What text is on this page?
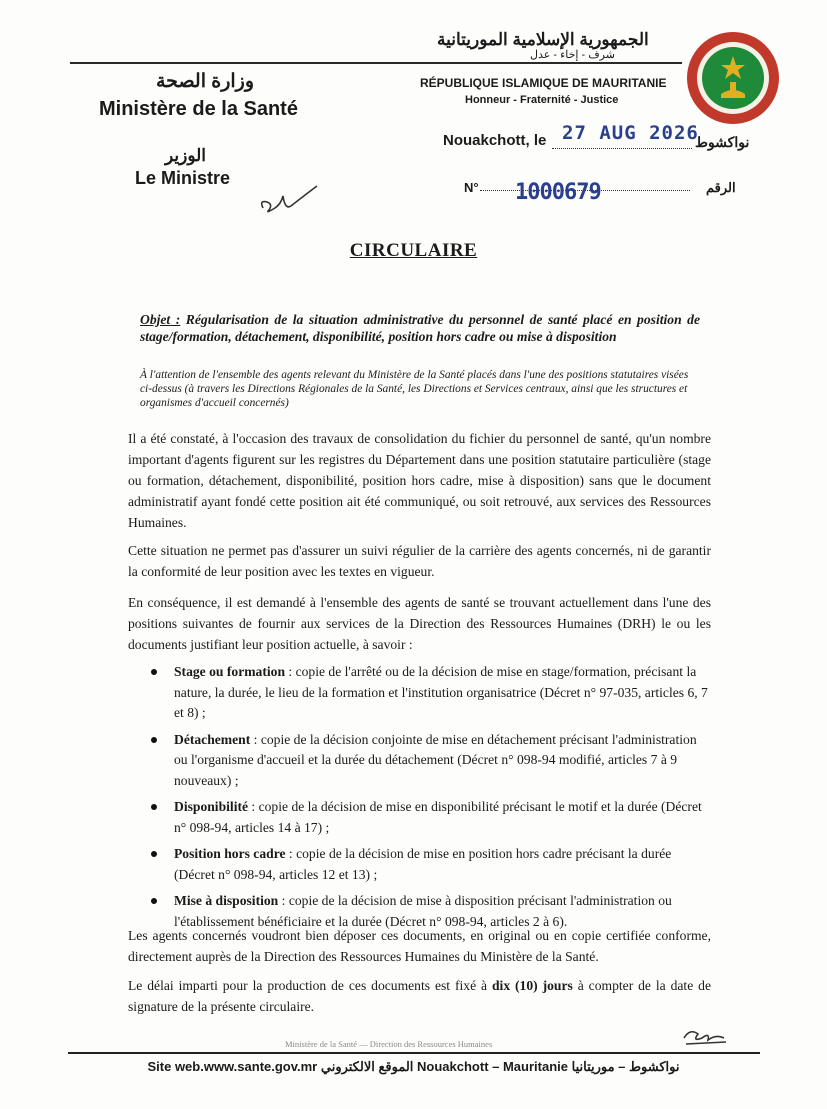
الجمهورية الإسلامية الموريتانية
شرف - إخاء - عدل
RÉPUBLIQUE ISLAMIQUE DE MAURITANIE
Honneur - Fraternité - Justice
وزارة الصحة
Ministère de la Santé
الوزير
Le Ministre
Nouakchott, le 27 AUG 2026
نواكشوط
N° 1000679	الرقم
CIRCULAIRE
Objet : Régularisation de la situation administrative du personnel de santé placé en position de stage/formation, détachement, disponibilité, position hors cadre ou mise à disposition
À l'attention de l'ensemble des agents relevant du Ministère de la Santé placés dans l'une des positions statutaires visées ci-dessus (à travers les Directions Régionales de la Santé, les Directions et Services centraux, ainsi que les structures et organismes d'accueil concernés)
Il a été constaté, à l'occasion des travaux de consolidation du fichier du personnel de santé, qu'un nombre important d'agents figurent sur les registres du Département dans une position statutaire particulière (stage ou formation, détachement, disponibilité, position hors cadre, mise à disposition) sans que le document administratif ayant fondé cette position ait été communiqué, ou soit retrouvé, aux services des Ressources Humaines.
Cette situation ne permet pas d'assurer un suivi régulier de la carrière des agents concernés, ni de garantir la conformité de leur position avec les textes en vigueur.
En conséquence, il est demandé à l'ensemble des agents de santé se trouvant actuellement dans l'une des positions suivantes de fournir aux services de la Direction des Ressources Humaines (DRH) le ou les documents justifiant leur position actuelle, à savoir :
Stage ou formation : copie de l'arrêté ou de la décision de mise en stage/formation, précisant la nature, la durée, le lieu de la formation et l'institution organisatrice (Décret n° 97-035, articles 6, 7 et 8) ;
Détachement : copie de la décision conjointe de mise en détachement précisant l'administration ou l'organisme d'accueil et la durée du détachement (Décret n° 098-94 modifié, articles 7 à 9 nouveaux) ;
Disponibilité : copie de la décision de mise en disponibilité précisant le motif et la durée (Décret n° 098-94, articles 14 à 17) ;
Position hors cadre : copie de la décision de mise en position hors cadre précisant la durée (Décret n° 098-94, articles 12 et 13) ;
Mise à disposition : copie de la décision de mise à disposition précisant l'administration ou l'établissement bénéficiaire et la durée (Décret n° 098-94, articles 2 à 6).
Les agents concernés voudront bien déposer ces documents, en original ou en copie certifiée conforme, directement auprès de la Direction des Ressources Humaines du Ministère de la Santé.
Le délai imparti pour la production de ces documents est fixé à dix (10) jours à compter de la date de signature de la présente circulaire.
Ministère de la Santé — Direction des Ressources Humaines
Site web.www.sante.gov.mr الموقع الالكتروني Nouakchott – Mauritanie نواكشوط – موريتانيا
